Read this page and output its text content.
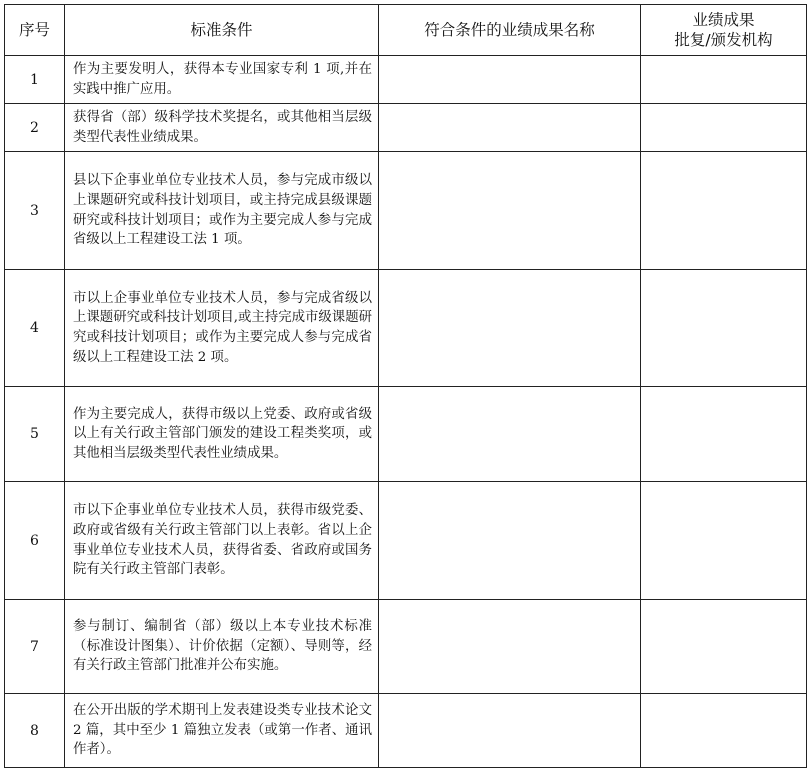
序号	标准条件	符合条件的业绩成果名称	业绩成果
批复/颁发机构

1	作为主要发明人，获得本专业国家专利 1 项,并在实践中推广应用。		
2	获得省（部）级科学技术奖提名，或其他相当层级类型代表性业绩成果。		
3	县以下企事业单位专业技术人员，参与完成市级以上课题研究或科技计划项目，或主持完成县级课题研究或科技计划项目；或作为主要完成人参与完成省级以上工程建设工法 1 项。		
4	市以上企事业单位专业技术人员，参与完成省级以上课题研究或科技计划项目,或主持完成市级课题研究或科技计划项目；或作为主要完成人参与完成省级以上工程建设工法 2 项。		
5	作为主要完成人，获得市级以上党委、政府或省级以上有关行政主管部门颁发的建设工程类奖项，或其他相当层级类型代表性业绩成果。		
6	市以下企事业单位专业技术人员，获得市级党委、政府或省级有关行政主管部门以上表彰。省以上企事业单位专业技术人员，获得省委、省政府或国务院有关行政主管部门表彰。		
7	参与制订、编制省（部）级以上本专业技术标准（标准设计图集）、计价依据（定额）、导则等，经有关行政主管部门批准并公布实施。		
8	在公开出版的学术期刊上发表建设类专业技术论文 2 篇，其中至少 1 篇独立发表（或第一作者、通讯作者）。		
